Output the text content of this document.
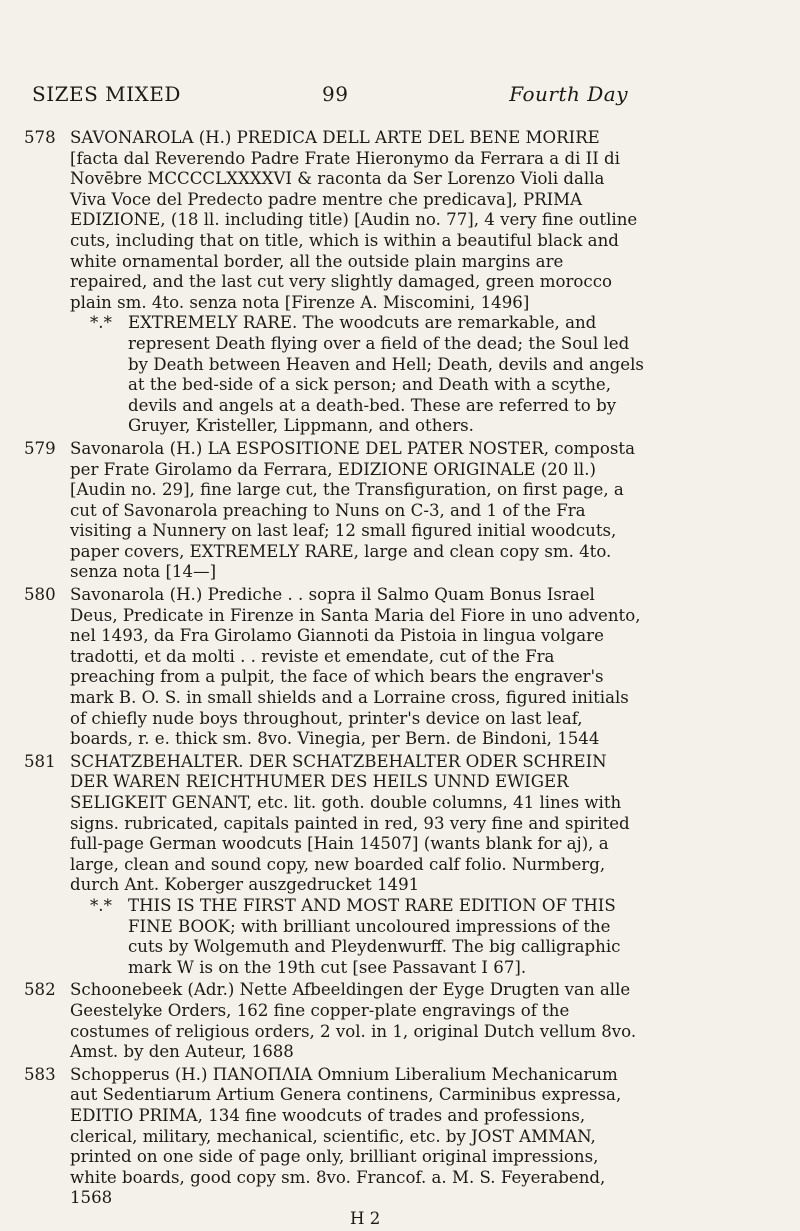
SIZES MIXED	99	Fourth Day
578 SAVONAROLA (H.) PREDICA DELL ARTE DEL BENE MORIRE [facta dal Reverendo Padre Frate Hieronymo da Ferrara a di II di Novēbre MCCCCLXXXXVI & raconta da Ser Lorenzo Violi dalla Viva Voce del Predecto padre mentre che predicava], PRIMA EDIZIONE, (18 ll. including title) [Audin no. 77], 4 very fine outline cuts, including that on title, which is within a beautiful black and white ornamental border, all the outside plain margins are repaired, and the last cut very slightly damaged, green morocco plain sm. 4to. senza nota [Firenze A. Miscomini, 1496]
*.* EXTREMELY RARE. The woodcuts are remarkable, and represent Death flying over a field of the dead; the Soul led by Death between Heaven and Hell; Death, devils and angels at the bed-side of a sick person; and Death with a scythe, devils and angels at a death-bed. These are referred to by Gruyer, Kristeller, Lippmann, and others.
579 Savonarola (H.) LA ESPOSITIONE DEL PATER NOSTER, composta per Frate Girolamo da Ferrara, EDIZIONE ORIGINALE (20 ll.) [Audin no. 29], fine large cut, the Transfiguration, on first page, a cut of Savonarola preaching to Nuns on C-3, and 1 of the Fra visiting a Nunnery on last leaf; 12 small figured initial woodcuts, paper covers, EXTREMELY RARE, large and clean copy sm. 4to. senza nota [14—]
580 Savonarola (H.) Prediche . . sopra il Salmo Quam Bonus Israel Deus, Predicate in Firenze in Santa Maria del Fiore in uno advento, nel 1493, da Fra Girolamo Giannoti da Pistoia in lingua volgare tradotti, et da molti . . reviste et emendate, cut of the Fra preaching from a pulpit, the face of which bears the engraver's mark B. O. S. in small shields and a Lorraine cross, figured initials of chiefly nude boys throughout, printer's device on last leaf, boards, r. e. thick sm. 8vo. Vinegia, per Bern. de Bindoni, 1544
581 SCHATZBEHALTER. DER SCHATZBEHALTER ODER SCHREIN DER WAREN REICHTHUMER DES HEILS UNND EWIGER SELIGKEIT GENANT, etc. lit. goth. double columns, 41 lines with signs. rubricated, capitals painted in red, 93 very fine and spirited full-page German woodcuts [Hain 14507] (wants blank for aj), a large, clean and sound copy, new boarded calf folio. Nurmberg, durch Ant. Koberger auszgedrucket 1491
*.* THIS IS THE FIRST AND MOST RARE EDITION OF THIS FINE BOOK; with brilliant uncoloured impressions of the cuts by Wolgemuth and Pleydenwurff. The big calligraphic mark W is on the 19th cut [see Passavant I 67].
582 Schoonebeek (Adr.) Nette Afbeeldingen der Eyge Drugten van alle Geestelyke Orders, 162 fine copper-plate engravings of the costumes of religious orders, 2 vol. in 1, original Dutch vellum 8vo. Amst. by den Auteur, 1688
583 Schopperus (H.) ΠΑΝΟΠΛΙΑ Omnium Liberalium Mechanicarum aut Sedentiarum Artium Genera continens, Carminibus expressa, EDITIO PRIMA, 134 fine woodcuts of trades and professions, clerical, military, mechanical, scientific, etc. by JOST AMMAN, printed on one side of page only, brilliant original impressions, white boards, good copy sm. 8vo. Francof. a. M. S. Feyerabend, 1568
H 2
